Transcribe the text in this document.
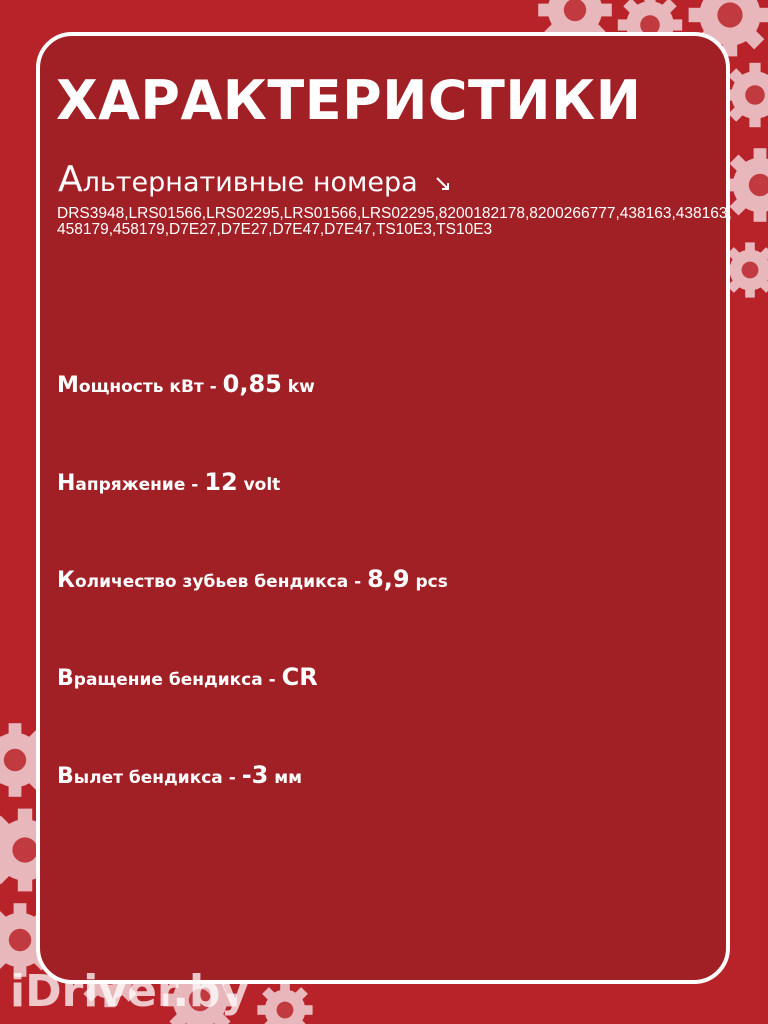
ХАРАКТЕРИСТИКИ
Альтернативные номера
DRS3948,LRS01566,LRS02295,LRS01566,LRS02295,8200182178,8200266777,438163,438163,458179,458179,D7E27,D7E27,D7E47,D7E47,TS10E3,TS10E3
Мощность кВт - 0,85 kw
Напряжение - 12 volt
Количество зубьев бендикса - 8,9 pcs
Вращение бендикса - CR
Вылет бендикса - -3 мм
iDriver.by
